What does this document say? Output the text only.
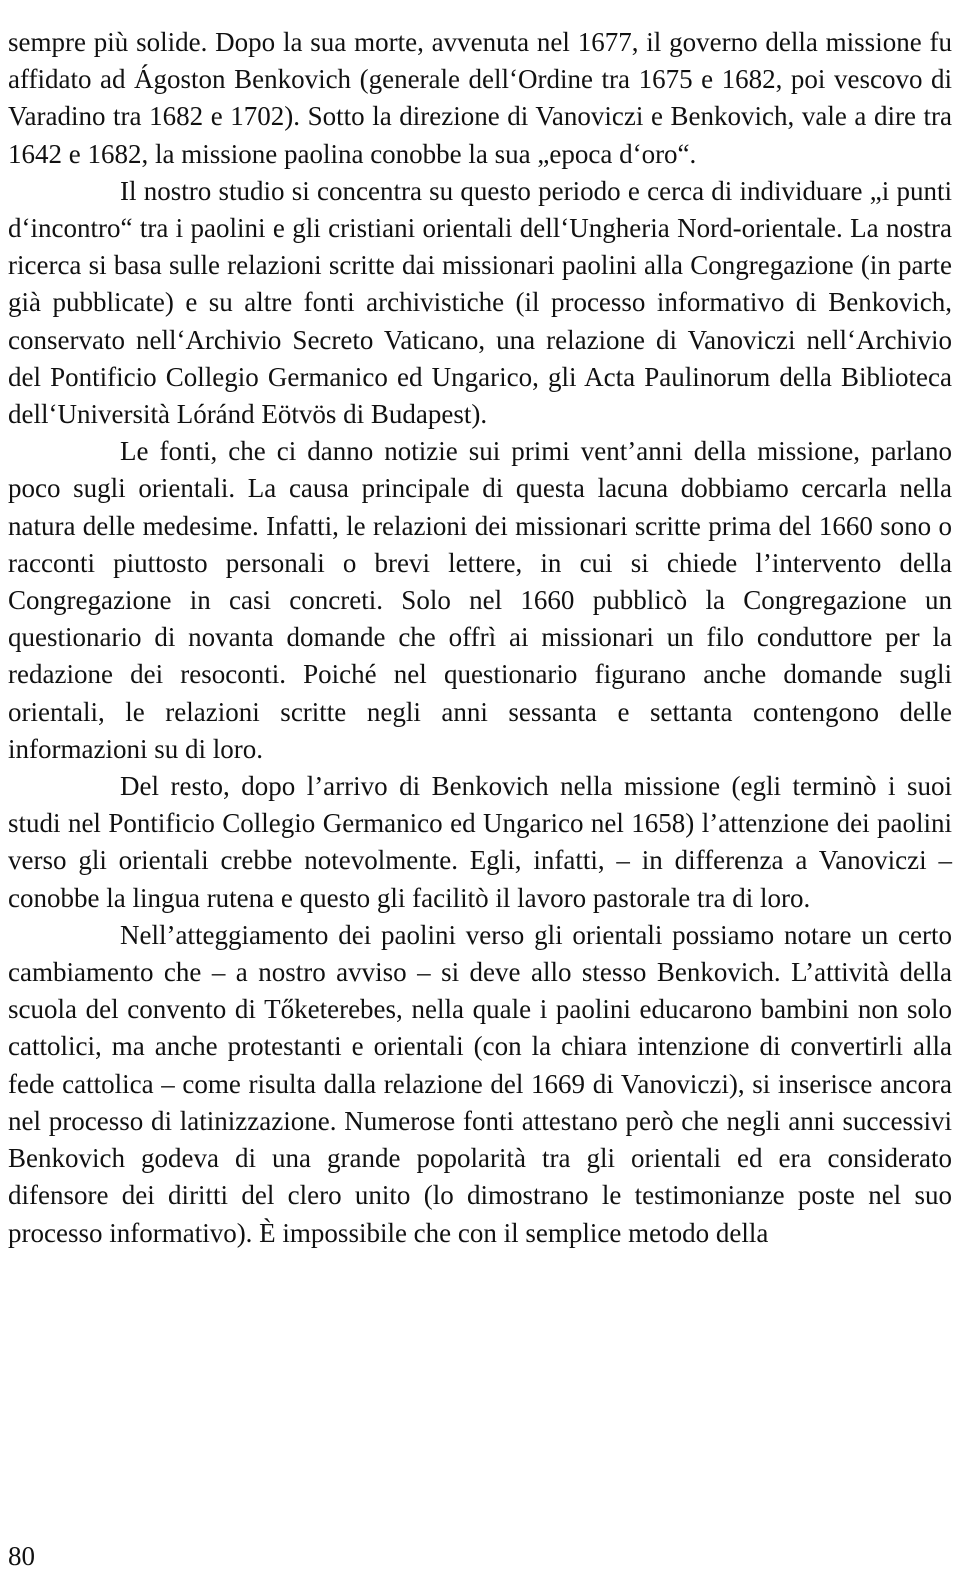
sempre più solide. Dopo la sua morte, avvenuta nel 1677, il governo della missione fu affidato ad Ágoston Benkovich (generale dell‘Ordine tra 1675 e 1682, poi vescovo di Varadino tra 1682 e 1702). Sotto la direzione di Vanoviczi e Benkovich, vale a dire tra 1642 e 1682, la missione paolina conobbe la sua „epoca d‘oro“.

Il nostro studio si concentra su questo periodo e cerca di individuare „i punti d‘incontro“ tra i paolini e gli cristiani orientali dell‘Ungheria Nord-orientale. La nostra ricerca si basa sulle relazioni scritte dai missionari paolini alla Congregazione (in parte già pubblicate) e su altre fonti archivistiche (il processo informativo di Benkovich, conservato nell‘Archivio Secreto Vaticano, una relazione di Vanoviczi nell‘Archivio del Pontificio Collegio Germanico ed Ungarico, gli Acta Paulinorum della Biblioteca dell‘Università Lóránd Eötvös di Budapest).

Le fonti, che ci danno notizie sui primi vent’anni della missione, parlano poco sugli orientali. La causa principale di questa lacuna dobbiamo cercarla nella natura delle medesime. Infatti, le relazioni dei missionari scritte prima del 1660 sono o racconti piuttosto personali o brevi lettere, in cui si chiede l’intervento della Congregazione in casi concreti. Solo nel 1660 pubblicò la Congregazione un questionario di novanta domande che offrì ai missionari un filo conduttore per la redazione dei resoconti. Poiché nel questionario figurano anche domande sugli orientali, le relazioni scritte negli anni sessanta e settanta contengono delle informazioni su di loro.

Del resto, dopo l’arrivo di Benkovich nella missione (egli terminò i suoi studi nel Pontificio Collegio Germanico ed Ungarico nel 1658) l’attenzione dei paolini verso gli orientali crebbe notevolmente. Egli, infatti, – in differenza a Vanoviczi – conobbe la lingua rutena e questo gli facilitò il lavoro pastorale tra di loro.

Nell’atteggiamento dei paolini verso gli orientali possiamo notare un certo cambiamento che – a nostro avviso – si deve allo stesso Benkovich. L’attività della scuola del convento di Tőketerebes, nella quale i paolini educarono bambini non solo cattolici, ma anche protestanti e orientali (con la chiara intenzione di convertirli alla fede cattolica – come risulta dalla relazione del 1669 di Vanoviczi), si inserisce ancora nel processo di latinizzazione. Numerose fonti attestano però che negli anni successivi Benkovich godeva di una grande popolarità tra gli orientali ed era considerato difensore dei diritti del clero unito (lo dimostrano le testimonianze poste nel suo processo informativo). È impossibile che con il semplice metodo della

80
